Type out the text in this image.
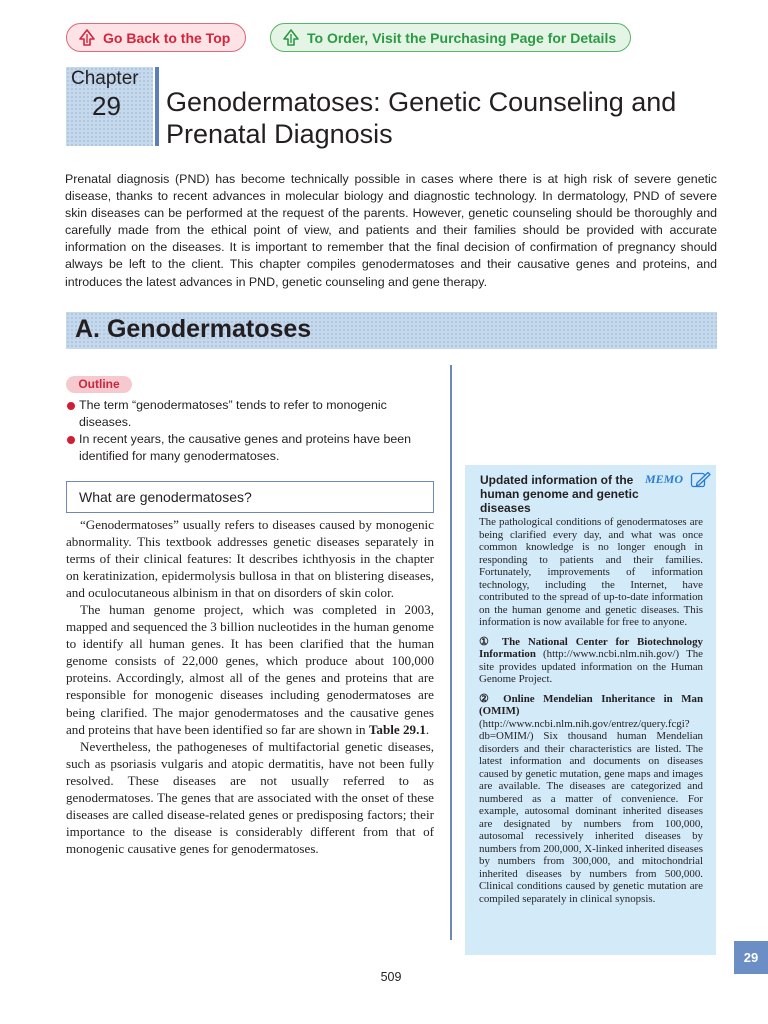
Go Back to the Top	To Order, Visit the Purchasing Page for Details
Chapter
29 Genodermatoses: Genetic Counseling and Prenatal Diagnosis

Prenatal diagnosis (PND) has become technically possible in cases where there is at high risk of severe genetic disease, thanks to recent advances in molecular biology and diagnostic technology. In dermatology, PND of severe skin diseases can be performed at the request of the parents. However, genetic counseling should be thoroughly and carefully made from the ethical point of view, and patients and their families should be provided with accurate information on the diseases. It is important to remember that the final decision of confirmation of pregnancy should always be left to the client. This chapter compiles genodermatoses and their causative genes and proteins, and introduces the latest advances in PND, genetic counseling and gene therapy.

A. Genodermatoses
Outline
The term “genodermatoses” tends to refer to monogenic diseases.
In recent years, the causative genes and proteins have been identified for many genodermatoses.
What are genodermatoses?

“Genodermatoses” usually refers to diseases caused by monogenic abnormality. This textbook addresses genetic diseases separately in terms of their clinical features: It describes ichthyosis in the chapter on keratinization, epidermolysis bullosa in that on blistering diseases, and oculocutaneous albinism in that on disorders of skin color.

The human genome project, which was completed in 2003, mapped and sequenced the 3 billion nucleotides in the human genome to identify all human genes. It has been clarified that the human genome consists of 22,000 genes, which produce about 100,000 proteins. Accordingly, almost all of the genes and proteins that are responsible for monogenic diseases including genodermatoses are being clarified. The major genodermatoses and the causative genes and proteins that have been identified so far are shown in Table 29.1.

Nevertheless, the pathogeneses of multifactorial genetic diseases, such as psoriasis vulgaris and atopic dermatitis, have not been fully resolved. These diseases are not usually referred to as genodermatoses. The genes that are associated with the onset of these diseases are called disease-related genes or predisposing factors; their importance to the disease is considerably different from that of monogenic causative genes for genodermatoses.

Updated information of the human genome and genetic diseases
MEMO
The pathological conditions of genodermatoses are being clarified every day, and what was once common knowledge is no longer enough in responding to patients and their families. Fortunately, improvements of information technology, including the Internet, have contributed to the spread of up-to-date information on the human genome and genetic diseases. This information is now available for free to anyone.
① The National Center for Biotechnology Information (http://www.ncbi.nlm.nih.gov/) The site provides updated information on the Human Genome Project.
② Online Mendelian Inheritance in Man (OMIM) (http://www.ncbi.nlm.nih.gov/entrez/query.fcgi?db=OMIM/) Six thousand human Mendelian disorders and their characteristics are listed. The latest information and documents on diseases caused by genetic mutation, gene maps and images are available. The diseases are categorized and numbered as a matter of convenience. For example, autosomal dominant inherited diseases are designated by numbers from 100,000, autosomal recessively inherited diseases by numbers from 200,000, X-linked inherited diseases by numbers from 300,000, and mitochondrial inherited diseases by numbers from 500,000. Clinical conditions caused by genetic mutation are compiled separately in clinical synopsis.
29
509
